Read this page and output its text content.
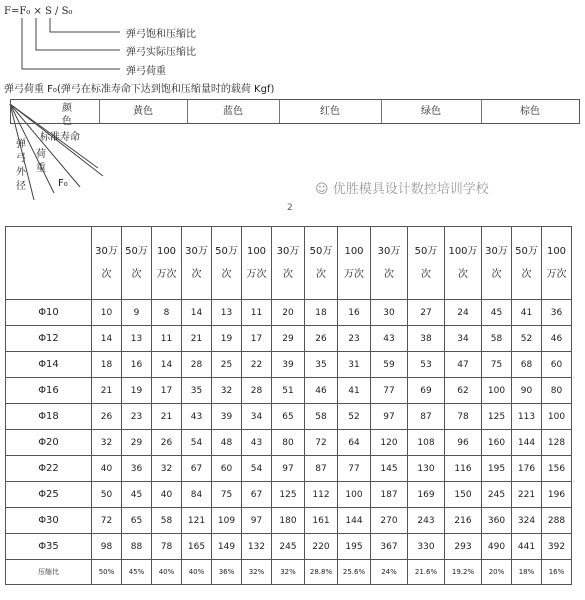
F=F₀ × S / S₀
弹弓饱和压缩比
弹弓实际压缩比
弹弓荷重
弹弓荷重 F₀(弹弓在标准寿命下达到饱和压缩量时的载荷 Kgf)
黄色	蓝色	红色	绿色	棕色
颜色
标准寿命
弹弓外径
荷重
F₀	☺ 优胜模具设计数控培训学校
2
	30万次	50万次	100万次	30万次	50万次	100万次	30万次	50万次	100万次	30万次	50万次	100万次	30万次	50万次	100万次
Φ10	10	9	8	14	13	11	20	18	16	30	27	24	45	41	36
Φ12	14	13	11	21	19	17	29	26	23	43	38	34	58	52	46
Φ14	18	16	14	28	25	22	39	35	31	59	53	47	75	68	60
Φ16	21	19	17	35	32	28	51	46	41	77	69	62	100	90	80
Φ18	26	23	21	43	39	34	65	58	52	97	87	78	125	113	100
Φ20	32	29	26	54	48	43	80	72	64	120	108	96	160	144	128
Φ22	40	36	32	67	60	54	97	87	77	145	130	116	195	176	156
Φ25	50	45	40	84	75	67	125	112	100	187	169	150	245	221	196
Φ30	72	65	58	121	109	97	180	161	144	270	243	216	360	324	288
Φ35	98	88	78	165	149	132	245	220	195	367	330	293	490	441	392
压缩比	50%	45%	40%	40%	36%	32%	32%	28.8%	25.6%	24%	21.6%	19.2%	20%	18%	16%
